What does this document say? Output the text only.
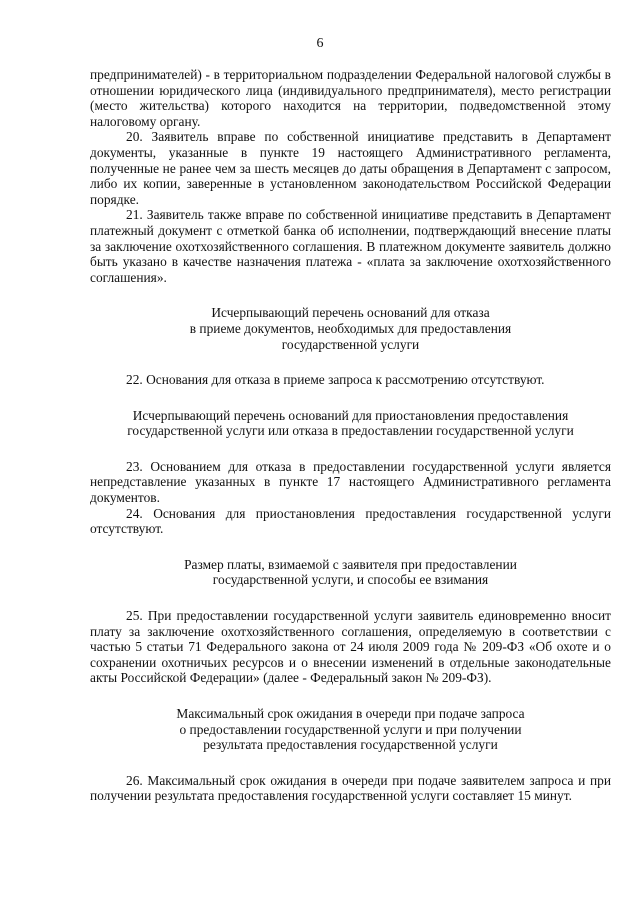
6

предпринимателей) - в территориальном подразделении Федеральной налоговой службы в отношении юридического лица (индивидуального предпринимателя), место регистрации (место жительства) которого находится на территории, подведомственной этому налоговому органу.

20. Заявитель вправе по собственной инициативе представить в Департамент документы, указанные в пункте 19 настоящего Административного регламента, полученные не ранее чем за шесть месяцев до даты обращения в Департамент с запросом, либо их копии, заверенные в установленном законодательством Российской Федерации порядке.

21. Заявитель также вправе по собственной инициативе представить в Департамент платежный документ с отметкой банка об исполнении, подтверждающий внесение платы за заключение охотхозяйственного соглашения. В платежном документе заявитель должно быть указано в качестве назначения платежа - «плата за заключение охотхозяйственного соглашения».

Исчерпывающий перечень оснований для отказа
в приеме документов, необходимых для предоставления
государственной услуги

22. Основания для отказа в приеме запроса к рассмотрению отсутствуют.

Исчерпывающий перечень оснований для приостановления предоставления
государственной услуги или отказа в предоставлении государственной услуги

23. Основанием для отказа в предоставлении государственной услуги является непредставление указанных в пункте 17 настоящего Административного регламента документов.

24. Основания для приостановления предоставления государственной услуги отсутствуют.

Размер платы, взимаемой с заявителя при предоставлении
государственной услуги, и способы ее взимания

25. При предоставлении государственной услуги заявитель единовременно вносит плату за заключение охотхозяйственного соглашения, определяемую в соответствии с частью 5 статьи 71 Федерального закона от 24 июля 2009 года № 209-ФЗ «Об охоте и о сохранении охотничьих ресурсов и о внесении изменений в отдельные законодательные акты Российской Федерации» (далее - Федеральный закон № 209-ФЗ).

Максимальный срок ожидания в очереди при подаче запроса
о предоставлении государственной услуги и при получении
результата предоставления государственной услуги

26. Максимальный срок ожидания в очереди при подаче заявителем запроса и при получении результата предоставления государственной услуги составляет 15 минут.
